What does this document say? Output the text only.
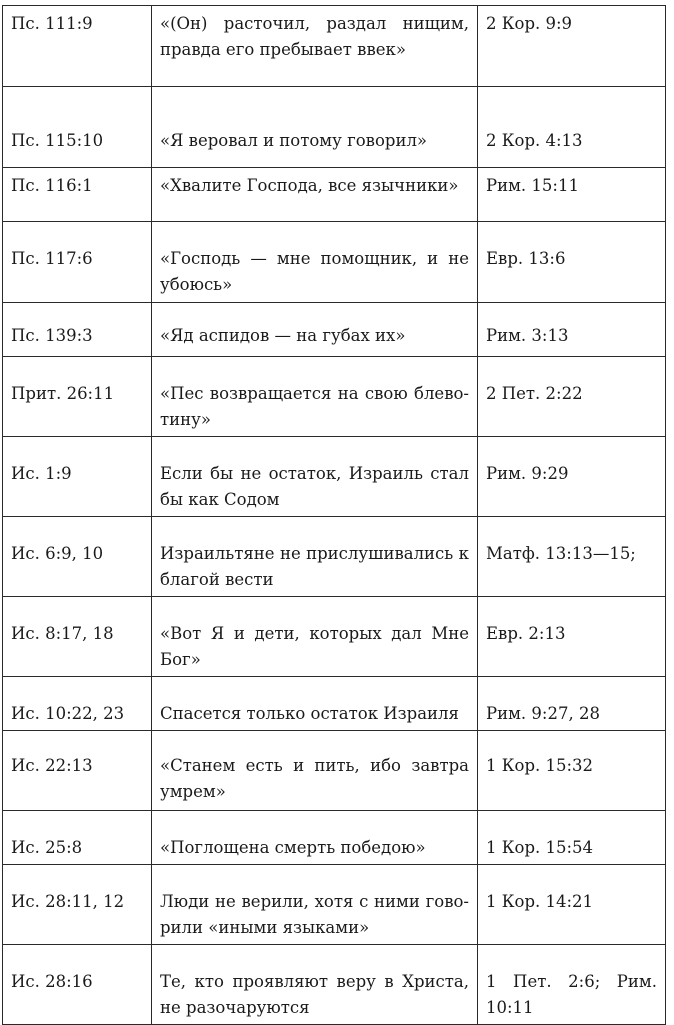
Пс. 111:9	«(Он) расточил, раздал нищим, правда его пребывает ввек»	2 Кор. 9:9
Пс. 115:10	«Я веровал и потому говорил»	2 Кор. 4:13
Пс. 116:1	«Хвалите Господа, все язычники»	Рим. 15:11
Пс. 117:6	«Господь — мне помощник, и не убоюсь»	Евр. 13:6
Пс. 139:3	«Яд аспидов — на губах их»	Рим. 3:13
Прит. 26:11	«Пес возвращается на свою блево-тину»	2 Пет. 2:22
Ис. 1:9	Если бы не остаток, Израиль стал бы как Содом	Рим. 9:29
Ис. 6:9, 10	Израильтяне не прислушивались к благой вести	Матф. 13:13—15;
Ис. 8:17, 18	«Вот Я и дети, которых дал Мне Бог»	Евр. 2:13
Ис. 10:22, 23	Спасется только остаток Израиля	Рим. 9:27, 28
Ис. 22:13	«Станем есть и пить, ибо завтра умрем»	1 Кор. 15:32
Ис. 25:8	«Поглощена смерть победою»	1 Кор. 15:54
Ис. 28:11, 12	Люди не верили, хотя с ними гово-рили «иными языками»	1 Кор. 14:21
Ис. 28:16	Те, кто проявляют веру в Христа, не разочаруются	1 Пет. 2:6; Рим. 10:11
